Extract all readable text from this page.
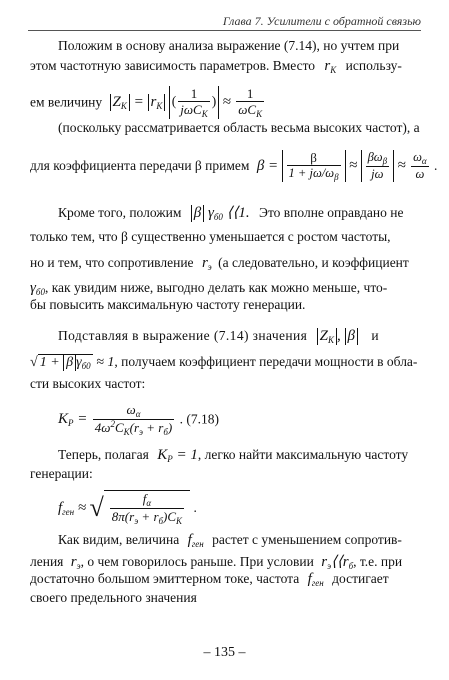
Глава 7. Усилители с обратной связью
Положим в основу анализа выражение (7.14), но учтем при
этом частотную зависимость параметров. Вместо $r_K$ использу-
ем величину $Z_K = r_K$ ( $\frac{1}{j\omega C_K}$ ) ≈ $\frac{1}{\omega C_K}$
(поскольку рассматривается область весьма высоких частот), а
для коэффициента передачи β примем $\beta = \frac{\beta}{1 + j\omega/\omega_\beta} \approx \frac{\beta\omega_\beta}{j\omega} \approx \frac{\omega_\alpha}{\omega}$ .
Кроме того, положим β $\gamma_{б0}$ ⟨⟨1. Это вполне оправдано не
только тем, что β существенно уменьшается с ростом частоты,
но и тем, что сопротивление $r_э$ (а следовательно, и коэффициент
$\gamma_{б0}$, как увидим ниже, выгодно делать как можно меньше, что-
бы повысить максимальную частоту генерации.
Подставляя в выражение (7.14) значения $Z_K$ , β и
√ 1 + β $\gamma_{б0} \approx 1$, получаем коэффициент передачи мощности в обла-
сти высоких частот:
$K_P = \frac{\omega_\alpha}{4\omega^2C_K(r_э + r_б)}$ . (7.18)
Теперь, полагая $K_P = 1$, легко найти максимальную частоту
генерации:
$f_{ген}$ ≈ √ $\frac{f_\alpha}{8\pi(r_э + r_б)C_K}$ .
Как видим, величина $f_{ген}$ растет с уменьшением сопротив-
ления $r_э$, о чем говорилось раньше. При условии $r_э⟨⟨r_б$, т.е. при
достаточно большом эмиттерном токе, частота $f_{ген}$ достигает
своего предельного значения
– 135 –
